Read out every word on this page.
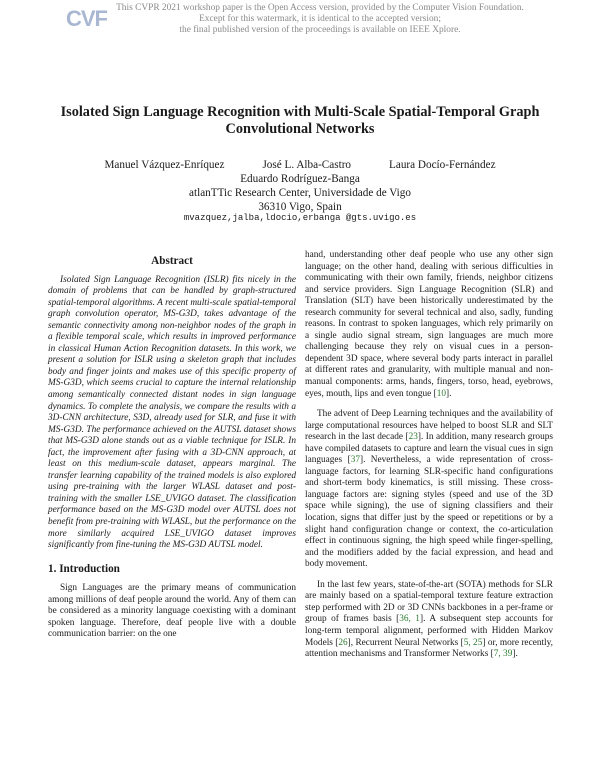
CVF This CVPR 2021 workshop paper is the Open Access version, provided by the Computer Vision Foundation.
Except for this watermark, it is identical to the accepted version;
the final published version of the proceedings is available on IEEE Xplore.
Isolated Sign Language Recognition with Multi-Scale Spatial-Temporal Graph Convolutional Networks
Manuel Vázquez-Enríquez	José L. Alba-Castro	Laura Docío-Fernández
Eduardo Rodríguez-Banga
atlanTTic Research Center, Universidade de Vigo
36310 Vigo, Spain
mvazquez,jalba,ldocio,erbanga @gts.uvigo.es
Abstract

Isolated Sign Language Recognition (ISLR) fits nicely in the domain of problems that can be handled by graph-structured spatial-temporal algorithms. A recent multi-scale spatial-temporal graph convolution operator, MS-G3D, takes advantage of the semantic connectivity among non-neighbor nodes of the graph in a flexible temporal scale, which results in improved performance in classical Human Action Recognition datasets. In this work, we present a solution for ISLR using a skeleton graph that includes body and finger joints and makes use of this specific property of MS-G3D, which seems crucial to capture the internal relationship among semantically connected distant nodes in sign language dynamics. To complete the analysis, we compare the results with a 3D-CNN architecture, S3D, already used for SLR, and fuse it with MS-G3D. The performance achieved on the AUTSL dataset shows that MS-G3D alone stands out as a viable technique for ISLR. In fact, the improvement after fusing with a 3D-CNN approach, at least on this medium-scale dataset, appears marginal. The transfer learning capability of the trained models is also explored using pre-training with the larger WLASL dataset and post-training with the smaller LSE_UVIGO dataset. The classification performance based on the MS-G3D model over AUTSL does not benefit from pre-training with WLASL, but the performance on the more similarly acquired LSE_UVIGO dataset improves significantly from fine-tuning the MS-G3D AUTSL model.

1. Introduction

Sign Languages are the primary means of communication among millions of deaf people around the world. Any of them can be considered as a minority language coexisting with a dominant spoken language. Therefore, deaf people live with a double communication barrier: on the one

hand, understanding other deaf people who use any other sign language; on the other hand, dealing with serious difficulties in communicating with their own family, friends, neighbor citizens and service providers. Sign Language Recognition (SLR) and Translation (SLT) have been historically underestimated by the research community for several technical and also, sadly, funding reasons. In contrast to spoken languages, which rely primarily on a single audio signal stream, sign languages are much more challenging because they rely on visual cues in a person-dependent 3D space, where several body parts interact in parallel at different rates and granularity, with multiple manual and non-manual components: arms, hands, fingers, torso, head, eyebrows, eyes, mouth, lips and even tongue [10].

The advent of Deep Learning techniques and the availability of large computational resources have helped to boost SLR and SLT research in the last decade [23]. In addition, many research groups have compiled datasets to capture and learn the visual cues in sign languages [37]. Nevertheless, a wide representation of cross-language factors, for learning SLR-specific hand configurations and short-term body kinematics, is still missing. These cross-language factors are: signing styles (speed and use of the 3D space while signing), the use of signing classifiers and their location, signs that differ just by the speed or repetitions or by a slight hand configuration change or context, the co-articulation effect in continuous signing, the high speed while finger-spelling, and the modifiers added by the facial expression, and head and body movement.

In the last few years, state-of-the-art (SOTA) methods for SLR are mainly based on a spatial-temporal texture feature extraction step performed with 2D or 3D CNNs backbones in a per-frame or group of frames basis [36, 1]. A subsequent step accounts for long-term temporal alignment, performed with Hidden Markov Models [26], Recurrent Neural Networks [5, 25] or, more recently, attention mechanisms and Transformer Networks [7, 39].
